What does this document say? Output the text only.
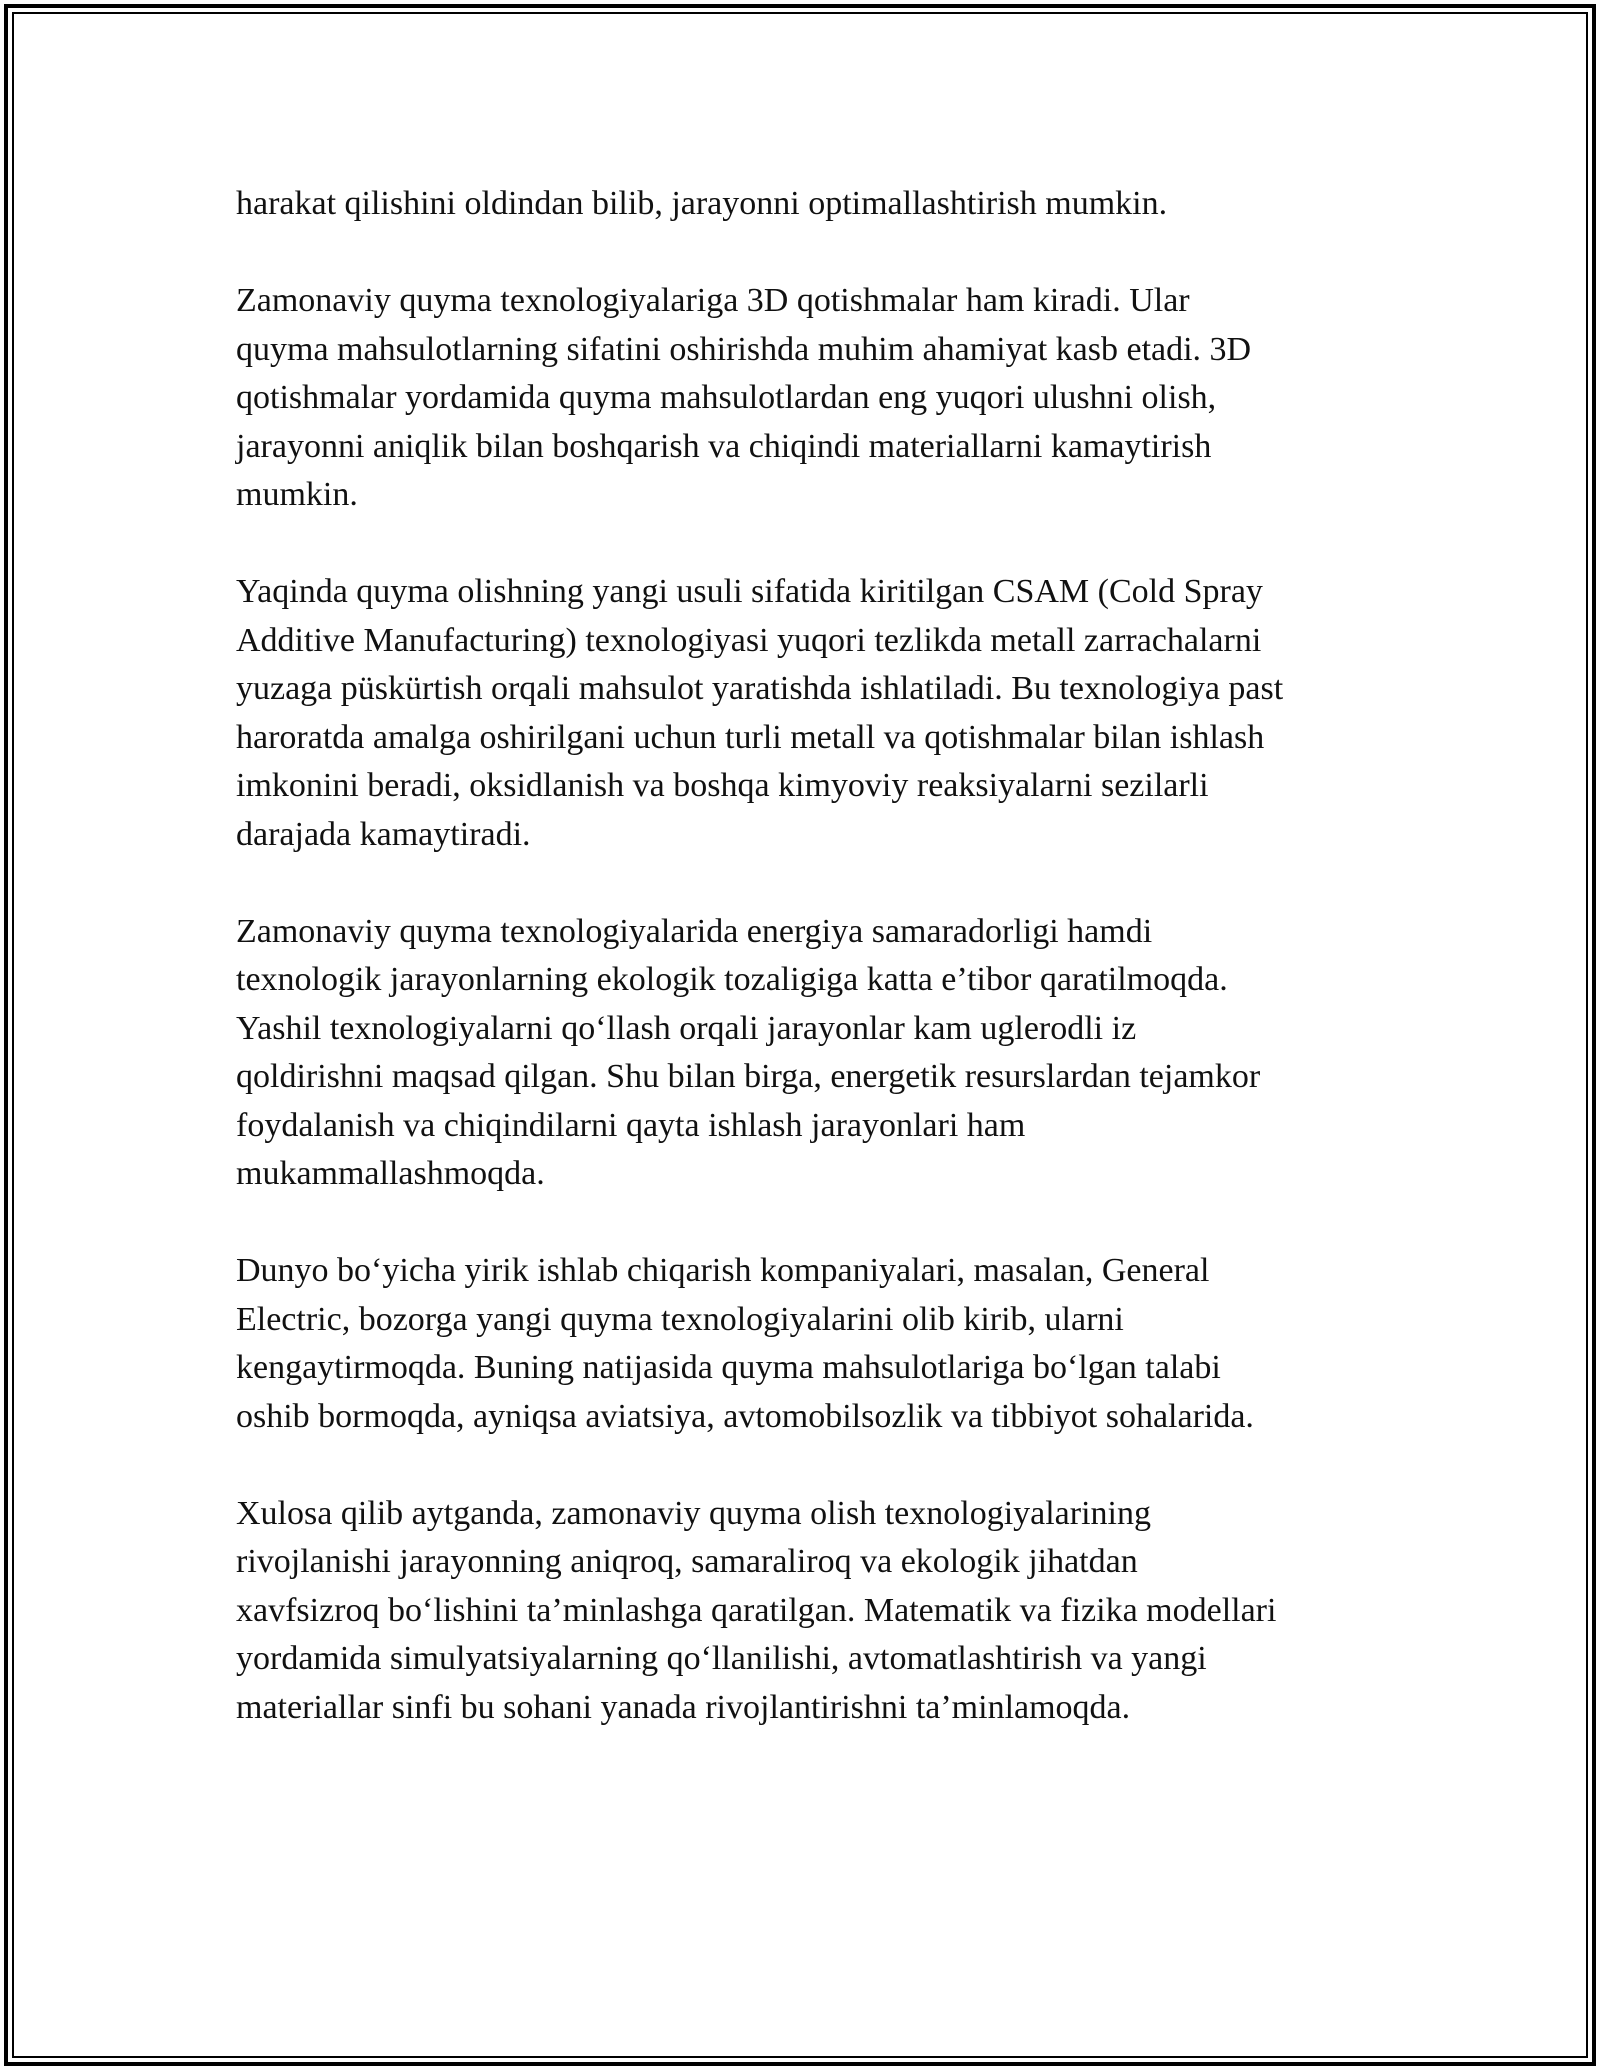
harakat qilishini oldindan bilib, jarayonni optimallashtirish mumkin.

Zamonaviy quyma texnologiyalariga 3D qotishmalar ham kiradi. Ular
quyma mahsulotlarning sifatini oshirishda muhim ahamiyat kasb etadi. 3D
qotishmalar yordamida quyma mahsulotlardan eng yuqori ulushni olish,
jarayonni aniqlik bilan boshqarish va chiqindi materiallarni kamaytirish
mumkin.

Yaqinda quyma olishning yangi usuli sifatida kiritilgan CSAM (Cold Spray
Additive Manufacturing) texnologiyasi yuqori tezlikda metall zarrachalarni
yuzaga püskürtish orqali mahsulot yaratishda ishlatiladi. Bu texnologiya past
haroratda amalga oshirilgani uchun turli metall va qotishmalar bilan ishlash
imkonini beradi, oksidlanish va boshqa kimyoviy reaksiyalarni sezilarli
darajada kamaytiradi.

Zamonaviy quyma texnologiyalarida energiya samaradorligi hamdi
texnologik jarayonlarning ekologik tozaligiga katta e’tibor qaratilmoqda.
Yashil texnologiyalarni qo‘llash orqali jarayonlar kam uglerodli iz
qoldirishni maqsad qilgan. Shu bilan birga, energetik resurslardan tejamkor
foydalanish va chiqindilarni qayta ishlash jarayonlari ham
mukammallashmoqda.

Dunyo bo‘yicha yirik ishlab chiqarish kompaniyalari, masalan, General
Electric, bozorga yangi quyma texnologiyalarini olib kirib, ularni
kengaytirmoqda. Buning natijasida quyma mahsulotlariga bo‘lgan talabi
oshib bormoqda, ayniqsa aviatsiya, avtomobilsozlik va tibbiyot sohalarida.

Xulosa qilib aytganda, zamonaviy quyma olish texnologiyalarining
rivojlanishi jarayonning aniqroq, samaraliroq va ekologik jihatdan
xavfsizroq bo‘lishini ta’minlashga qaratilgan. Matematik va fizika modellari
yordamida simulyatsiyalarning qo‘llanilishi, avtomatlashtirish va yangi
materiallar sinfi bu sohani yanada rivojlantirishni ta’minlamoqda.
